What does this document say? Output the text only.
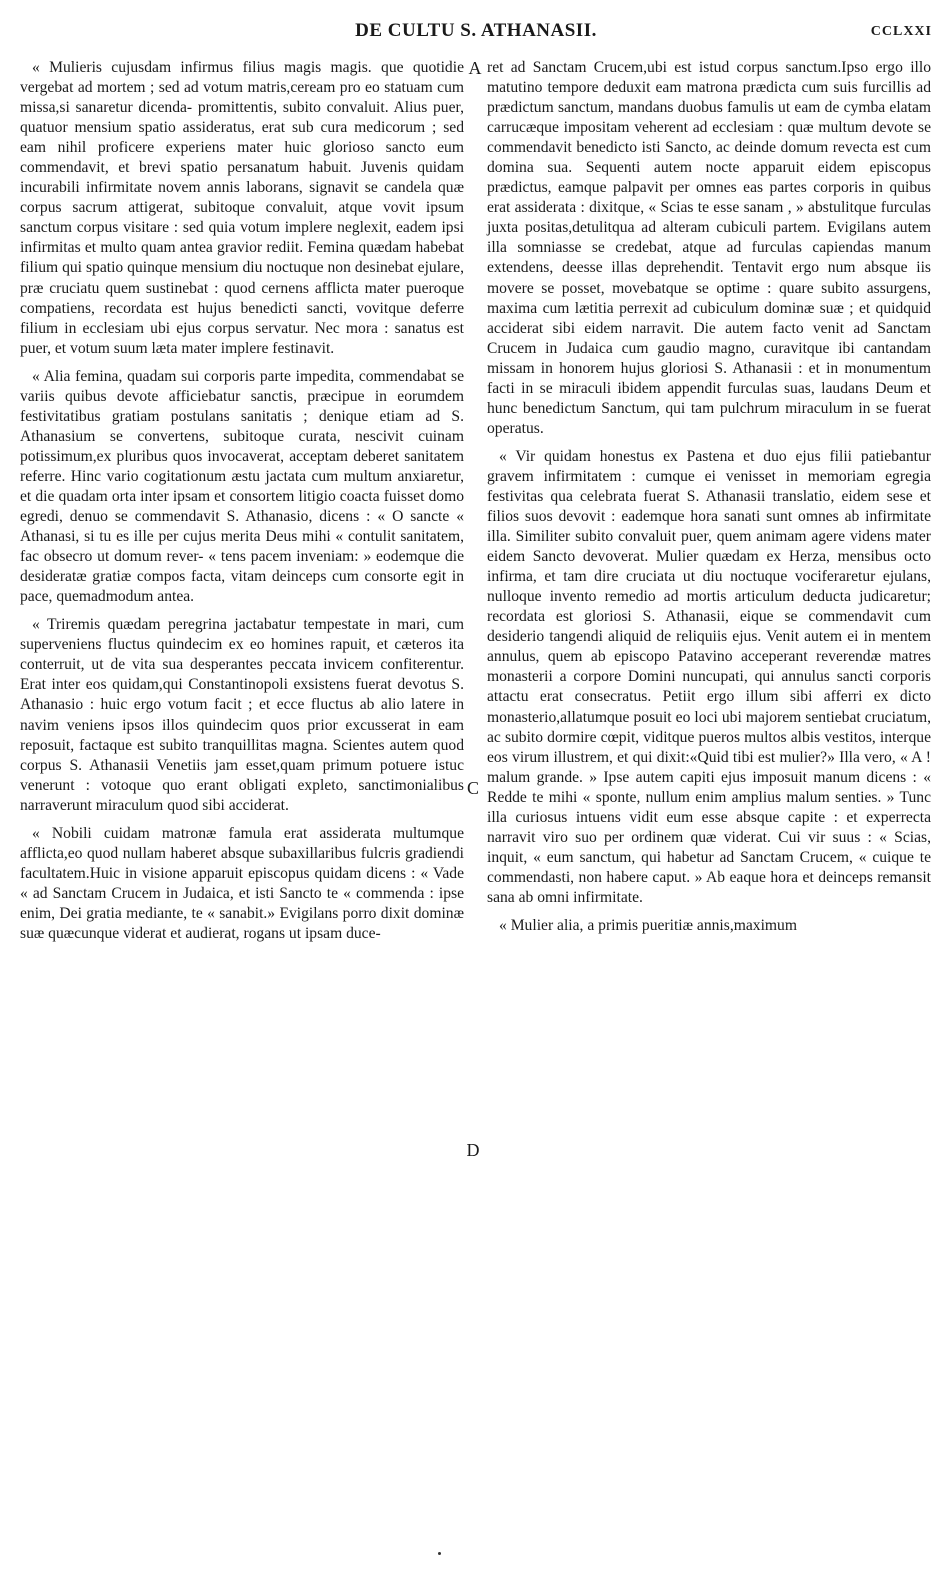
DE CULTU S. ATHANASII.	CCLXXI
A
C
D

« Mulieris cujusdam infirmus filius magis magis. que quotidie vergebat ad mortem ; sed ad votum matris,ceream pro eo statuam cum missa,si sanaretur dicenda- promittentis, subito convaluit. Alius puer, quatuor mensium spatio assideratus, erat sub cura medicorum ; sed eam nihil proficere experiens mater huic glorioso sancto eum commendavit, et brevi spatio persanatum habuit. Juvenis quidam incurabili infirmitate novem annis laborans, signavit se candela quæ corpus sacrum attigerat, subitoque convaluit, atque vovit ipsum sanctum corpus visitare : sed quia votum implere neglexit, eadem ipsi infirmitas et multo quam antea gravior rediit. Femina quædam habebat filium qui spatio quinque mensium diu noctuque non desinebat ejulare, præ cruciatu quem sustinebat : quod cernens afflicta mater pueroque compatiens, recordata est hujus benedicti sancti, vovitque deferre filium in ecclesiam ubi ejus corpus servatur. Nec mora : sanatus est puer, et votum suum læta mater implere festinavit.

« Alia femina, quadam sui corporis parte impedita, commendabat se variis quibus devote afficiebatur sanctis, præcipue in eorumdem festivitatibus gratiam postulans sanitatis ; denique etiam ad S. Athanasium se convertens, subitoque curata, nescivit cuinam potissimum,ex pluribus quos invocaverat, acceptam deberet sanitatem referre. Hinc vario cogitationum æstu jactata cum multum anxiaretur, et die quadam orta inter ipsam et consortem litigio coacta fuisset domo egredi, denuo se commendavit S. Athanasio, dicens : « O sancte « Athanasi, si tu es ille per cujus merita Deus mihi « contulit sanitatem, fac obsecro ut domum rever- « tens pacem inveniam: » eodemque die desideratæ gratiæ compos facta, vitam deinceps cum consorte egit in pace, quemadmodum antea.

« Triremis quædam peregrina jactabatur tempestate in mari, cum superveniens fluctus quindecim ex eo homines rapuit, et cæteros ita conterruit, ut de vita sua desperantes peccata invicem confiterentur. Erat inter eos quidam,qui Constantinopoli exsistens fuerat devotus S. Athanasio : huic ergo votum facit ; et ecce fluctus ab alio latere in navim veniens ipsos illos quindecim quos prior excusserat in eam reposuit, factaque est subito tranquillitas magna. Scientes autem quod corpus S. Athanasii Venetiis jam esset,quam primum potuere istuc venerunt : votoque quo erant obligati expleto, sanctimonialibus narraverunt miraculum quod sibi acciderat.

« Nobili cuidam matronæ famula erat assiderata multumque afflicta,eo quod nullam haberet absque subaxillaribus fulcris gradiendi facultatem.Huic in visione apparuit episcopus quidam dicens : « Vade « ad Sanctam Crucem in Judaica, et isti Sancto te « commenda : ipse enim, Dei gratia mediante, te « sanabit.» Evigilans porro dixit dominæ suæ quæcunque viderat et audierat, rogans ut ipsam duce-

ret ad Sanctam Crucem,ubi est istud corpus sanctum.Ipso ergo illo matutino tempore deduxit eam matrona prædicta cum suis furcillis ad prædictum sanctum, mandans duobus famulis ut eam de cymba elatam carrucæque impositam veherent ad ecclesiam : quæ multum devote se commendavit benedicto isti Sancto, ac deinde domum revecta est cum domina sua. Sequenti autem nocte apparuit eidem episcopus prædictus, eamque palpavit per omnes eas partes corporis in quibus erat assiderata : dixitque, « Scias te esse sanam , » abstulitque furculas juxta positas,detulitqua ad alteram cubiculi partem. Evigilans autem illa somniasse se credebat, atque ad furculas capiendas manum extendens, deesse illas deprehendit. Tentavit ergo num absque iis movere se posset, movebatque se optime : quare subito assurgens, maxima cum lætitia perrexit ad cubiculum dominæ suæ ; et quidquid acciderat sibi eidem narravit. Die autem facto venit ad Sanctam Crucem in Judaica cum gaudio magno, curavitque ibi cantandam missam in honorem hujus gloriosi S. Athanasii : et in monumentum facti in se miraculi ibidem appendit furculas suas, laudans Deum et hunc benedictum Sanctum, qui tam pulchrum miraculum in se fuerat operatus.

« Vir quidam honestus ex Pastena et duo ejus filii patiebantur gravem infirmitatem : cumque ei venisset in memoriam egregia festivitas qua celebrata fuerat S. Athanasii translatio, eidem sese et filios suos devovit : eademque hora sanati sunt omnes ab infirmitate illa. Similiter subito convaluit puer, quem animam agere videns mater eidem Sancto devoverat. Mulier quædam ex Herza, mensibus octo infirma, et tam dire cruciata ut diu noctuque vociferaretur ejulans, nulloque invento remedio ad mortis articulum deducta judicaretur; recordata est gloriosi S. Athanasii, eique se commendavit cum desiderio tangendi aliquid de reliquiis ejus. Venit autem ei in mentem annulus, quem ab episcopo Patavino acceperant reverendæ matres monasterii a corpore Domini nuncupati, qui annulus sancti corporis attactu erat consecratus. Petiit ergo illum sibi afferri ex dicto monasterio,allatumque posuit eo loci ubi majorem sentiebat cruciatum, ac subito dormire cœpit, viditque pueros multos albis vestitos, interque eos virum illustrem, et qui dixit:«Quid tibi est mulier?» Illa vero, « A ! malum grande. » Ipse autem capiti ejus imposuit manum dicens : « Redde te mihi « sponte, nullum enim amplius malum senties. » Tunc illa curiosus intuens vidit eum esse absque capite : et experrecta narravit viro suo per ordinem quæ viderat. Cui vir suus : « Scias, inquit, « eum sanctum, qui habetur ad Sanctam Crucem, « cuique te commendasti, non habere caput. » Ab eaque hora et deinceps remansit sana ab omni infirmitate.

« Mulier alia, a primis pueritiæ annis,maximum
